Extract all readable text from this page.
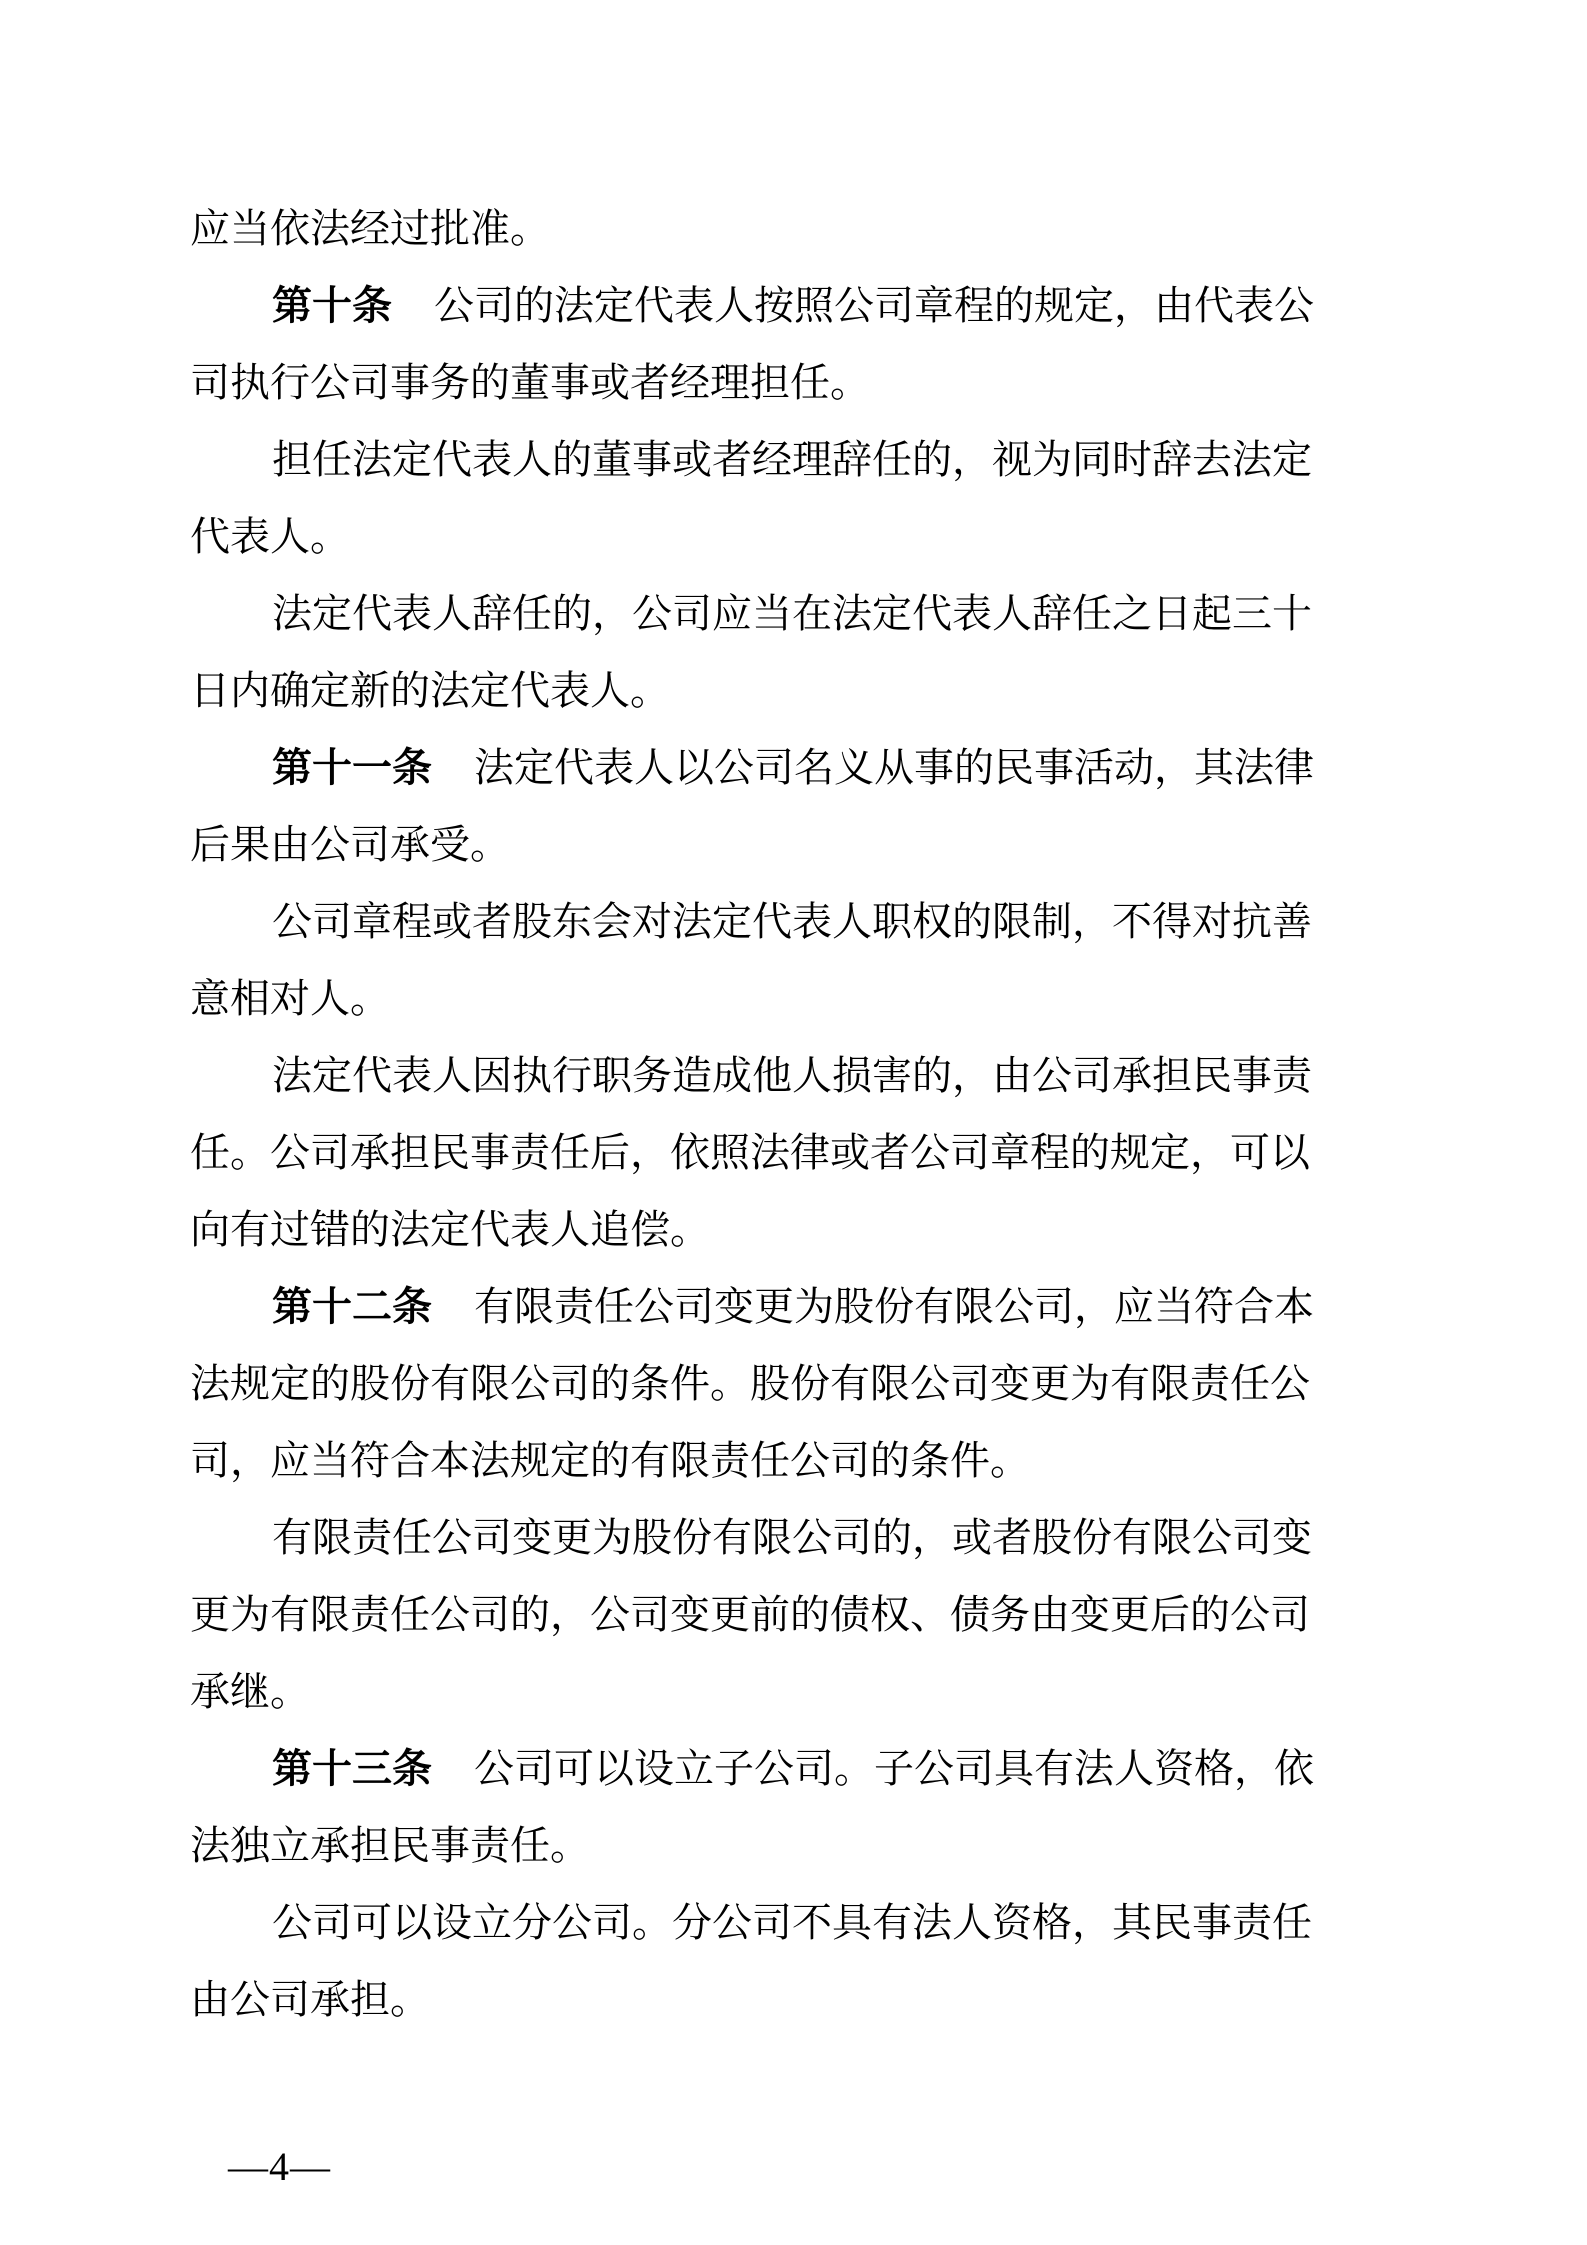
应当依法经过批准。
第十条 公司的法定代表人按照公司章程的规定，由代表公
司执行公司事务的董事或者经理担任。
担任法定代表人的董事或者经理辞任的，视为同时辞去法定
代表人。
法定代表人辞任的，公司应当在法定代表人辞任之日起三十
日内确定新的法定代表人。
第十一条 法定代表人以公司名义从事的民事活动，其法律
后果由公司承受。
公司章程或者股东会对法定代表人职权的限制，不得对抗善
意相对人。
法定代表人因执行职务造成他人损害的，由公司承担民事责
任。公司承担民事责任后，依照法律或者公司章程的规定，可以
向有过错的法定代表人追偿。
第十二条 有限责任公司变更为股份有限公司，应当符合本
法规定的股份有限公司的条件。股份有限公司变更为有限责任公
司，应当符合本法规定的有限责任公司的条件。
有限责任公司变更为股份有限公司的，或者股份有限公司变
更为有限责任公司的，公司变更前的债权、债务由变更后的公司
承继。
第十三条 公司可以设立子公司。子公司具有法人资格，依
法独立承担民事责任。
公司可以设立分公司。分公司不具有法人资格，其民事责任
由公司承担。
—4—
